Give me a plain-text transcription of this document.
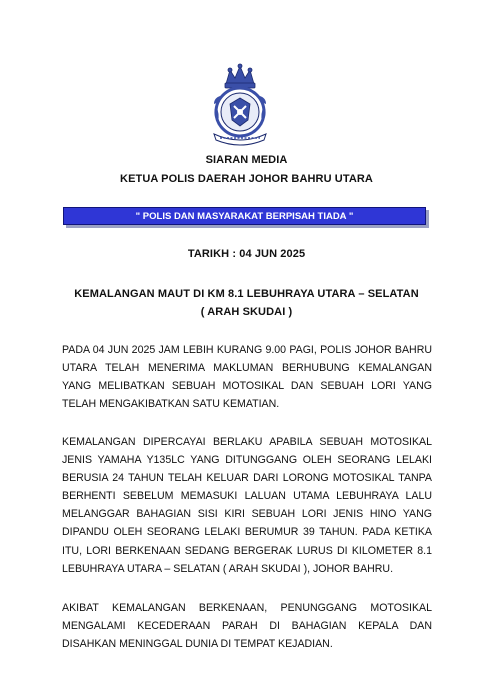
SIARAN MEDIA
KETUA POLIS DAERAH JOHOR BAHRU UTARA
" POLIS DAN MASYARAKAT BERPISAH TIADA "
TARIKH : 04 JUN 2025
KEMALANGAN MAUT DI KM 8.1 LEBUHRAYA UTARA – SELATAN
( ARAH SKUDAI )
PADA 04 JUN 2025 JAM LEBIH KURANG 9.00 PAGI, POLIS JOHOR BAHRU UTARA TELAH MENERIMA MAKLUMAN BERHUBUNG KEMALANGAN YANG MELIBATKAN SEBUAH MOTOSIKAL DAN SEBUAH LORI YANG TELAH MENGAKIBATKAN SATU KEMATIAN.
KEMALANGAN DIPERCAYAI BERLAKU APABILA SEBUAH MOTOSIKAL JENIS YAMAHA Y135LC YANG DITUNGGANG OLEH SEORANG LELAKI BERUSIA 24 TAHUN TELAH KELUAR DARI LORONG MOTOSIKAL TANPA BERHENTI SEBELUM MEMASUKI LALUAN UTAMA LEBUHRAYA LALU MELANGGAR BAHAGIAN SISI KIRI SEBUAH LORI JENIS HINO YANG DIPANDU OLEH SEORANG LELAKI BERUMUR 39 TAHUN. PADA KETIKA ITU, LORI BERKENAAN SEDANG BERGERAK LURUS DI KILOMETER 8.1 LEBUHRAYA UTARA – SELATAN ( ARAH SKUDAI ), JOHOR BAHRU.
AKIBAT KEMALANGAN BERKENAAN, PENUNGGANG MOTOSIKAL MENGALAMI KECEDERAAN PARAH DI BAHAGIAN KEPALA DAN DISAHKAN MENINGGAL DUNIA DI TEMPAT KEJADIAN.
